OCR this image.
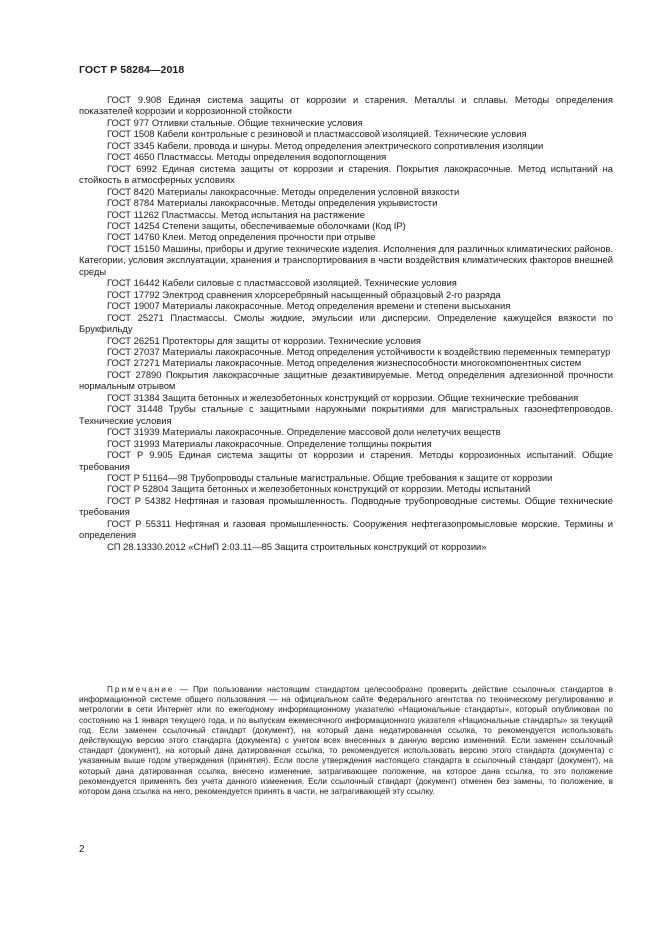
ГОСТ Р 58284—2018

ГОСТ 9.908 Единая система защиты от коррозии и старения. Металлы и сплавы. Методы определения показателей коррозии и коррозионной стойкости

ГОСТ 977 Отливки стальные. Общие технические условия

ГОСТ 1508 Кабели контрольные с резиновой и пластмассовой изоляцией. Технические условия

ГОСТ 3345 Кабели, провода и шнуры. Метод определения электрического сопротивления изоляции

ГОСТ 4650 Пластмассы. Методы определения водопоглощения

ГОСТ 6992 Единая система защиты от коррозии и старения. Покрытия лакокрасочные. Метод испытаний на стойкость в атмосферных условиях

ГОСТ 8420 Материалы лакокрасочные. Методы определения условной вязкости

ГОСТ 8784 Материалы лакокрасочные. Методы определения укрывистости

ГОСТ 11262 Пластмассы. Метод испытания на растяжение

ГОСТ 14254 Степени защиты, обеспечиваемые оболочками (Код IP)

ГОСТ 14760 Клеи. Метод определения прочности при отрыве

ГОСТ 15150 Машины, приборы и другие технические изделия. Исполнения для различных климатических районов. Категории, условия эксплуатации, хранения и транспортирования в части воздействия климатических факторов внешней среды

ГОСТ 16442 Кабели силовые с пластмассовой изоляцией. Технические условия

ГОСТ 17792 Электрод сравнения хлорсеребряный насыщенный образцовый 2-го разряда

ГОСТ 19007 Материалы лакокрасочные. Метод определения времени и степени высыхания

ГОСТ 25271 Пластмассы. Смолы жидкие, эмульсии или дисперсии. Определение кажущейся вязкости по Брукфильду

ГОСТ 26251 Протекторы для защиты от коррозии. Технические условия

ГОСТ 27037 Материалы лакокрасочные. Метод определения устойчивости к воздействию переменных температур

ГОСТ 27271 Материалы лакокрасочные. Метод определения жизнеспособности многокомпонентных систем

ГОСТ 27890 Покрытия лакокрасочные защитные дезактивируемые. Метод определения адгезионной прочности нормальным отрывом

ГОСТ 31384 Защита бетонных и железобетонных конструкций от коррозии. Общие технические требования

ГОСТ 31448 Трубы стальные с защитными наружными покрытиями для магистральных газонефтепроводов. Технические условия

ГОСТ 31939 Материалы лакокрасочные. Определение массовой доли нелетучих веществ

ГОСТ 31993 Материалы лакокрасочные. Определение толщины покрытия

ГОСТ Р 9.905 Единая система защиты от коррозии и старения. Методы коррозионных испытаний. Общие требования

ГОСТ Р 51164—98 Трубопроводы стальные магистральные. Общие требования к защите от коррозии

ГОСТ Р 52804 Защита бетонных и железобетонных конструкций от коррозии. Методы испытаний

ГОСТ Р 54382 Нефтяная и газовая промышленность. Подводные трубопроводные системы. Общие технические требования

ГОСТ Р 55311 Нефтяная и газовая промышленность. Сооружения нефтегазопромысловые морские. Термины и определения

СП 28.13330.2012 «СНиП 2.03.11—85 Защита строительных конструкций от коррозии»

Примечание — При пользовании настоящим стандартом целесообразно проверить действие ссылочных стандартов в информационной системе общего пользования — на официальном сайте Федерального агентства по техническому регулированию и метрологии в сети Интернет или по ежегодному информационному указателю «Национальные стандарты», который опубликован по состоянию на 1 января текущего года, и по выпускам ежемесячного информационного указателя «Национальные стандарты» за текущий год. Если заменен ссылочный стандарт (документ), на который дана недатированная ссылка, то рекомендуется использовать действующую версию этого стандарта (документа) с учетом всех внесенных в данную версию изменений. Если заменен ссылочный стандарт (документ), на который дана датированная ссылка, то рекомендуется использовать версию этого стандарта (документа) с указанным выше годом утверждения (принятия). Если после утверждения настоящего стандарта в ссылочный стандарт (документ), на который дана датированная ссылка, внесено изменение, затрагивающее положение, на которое дана ссылка, то это положение рекомендуется применять без учета данного изменения. Если ссылочный стандарт (документ) отменен без замены, то положение, в котором дана ссылка на него, рекомендуется принять в части, не затрагивающей эту ссылку.

2
